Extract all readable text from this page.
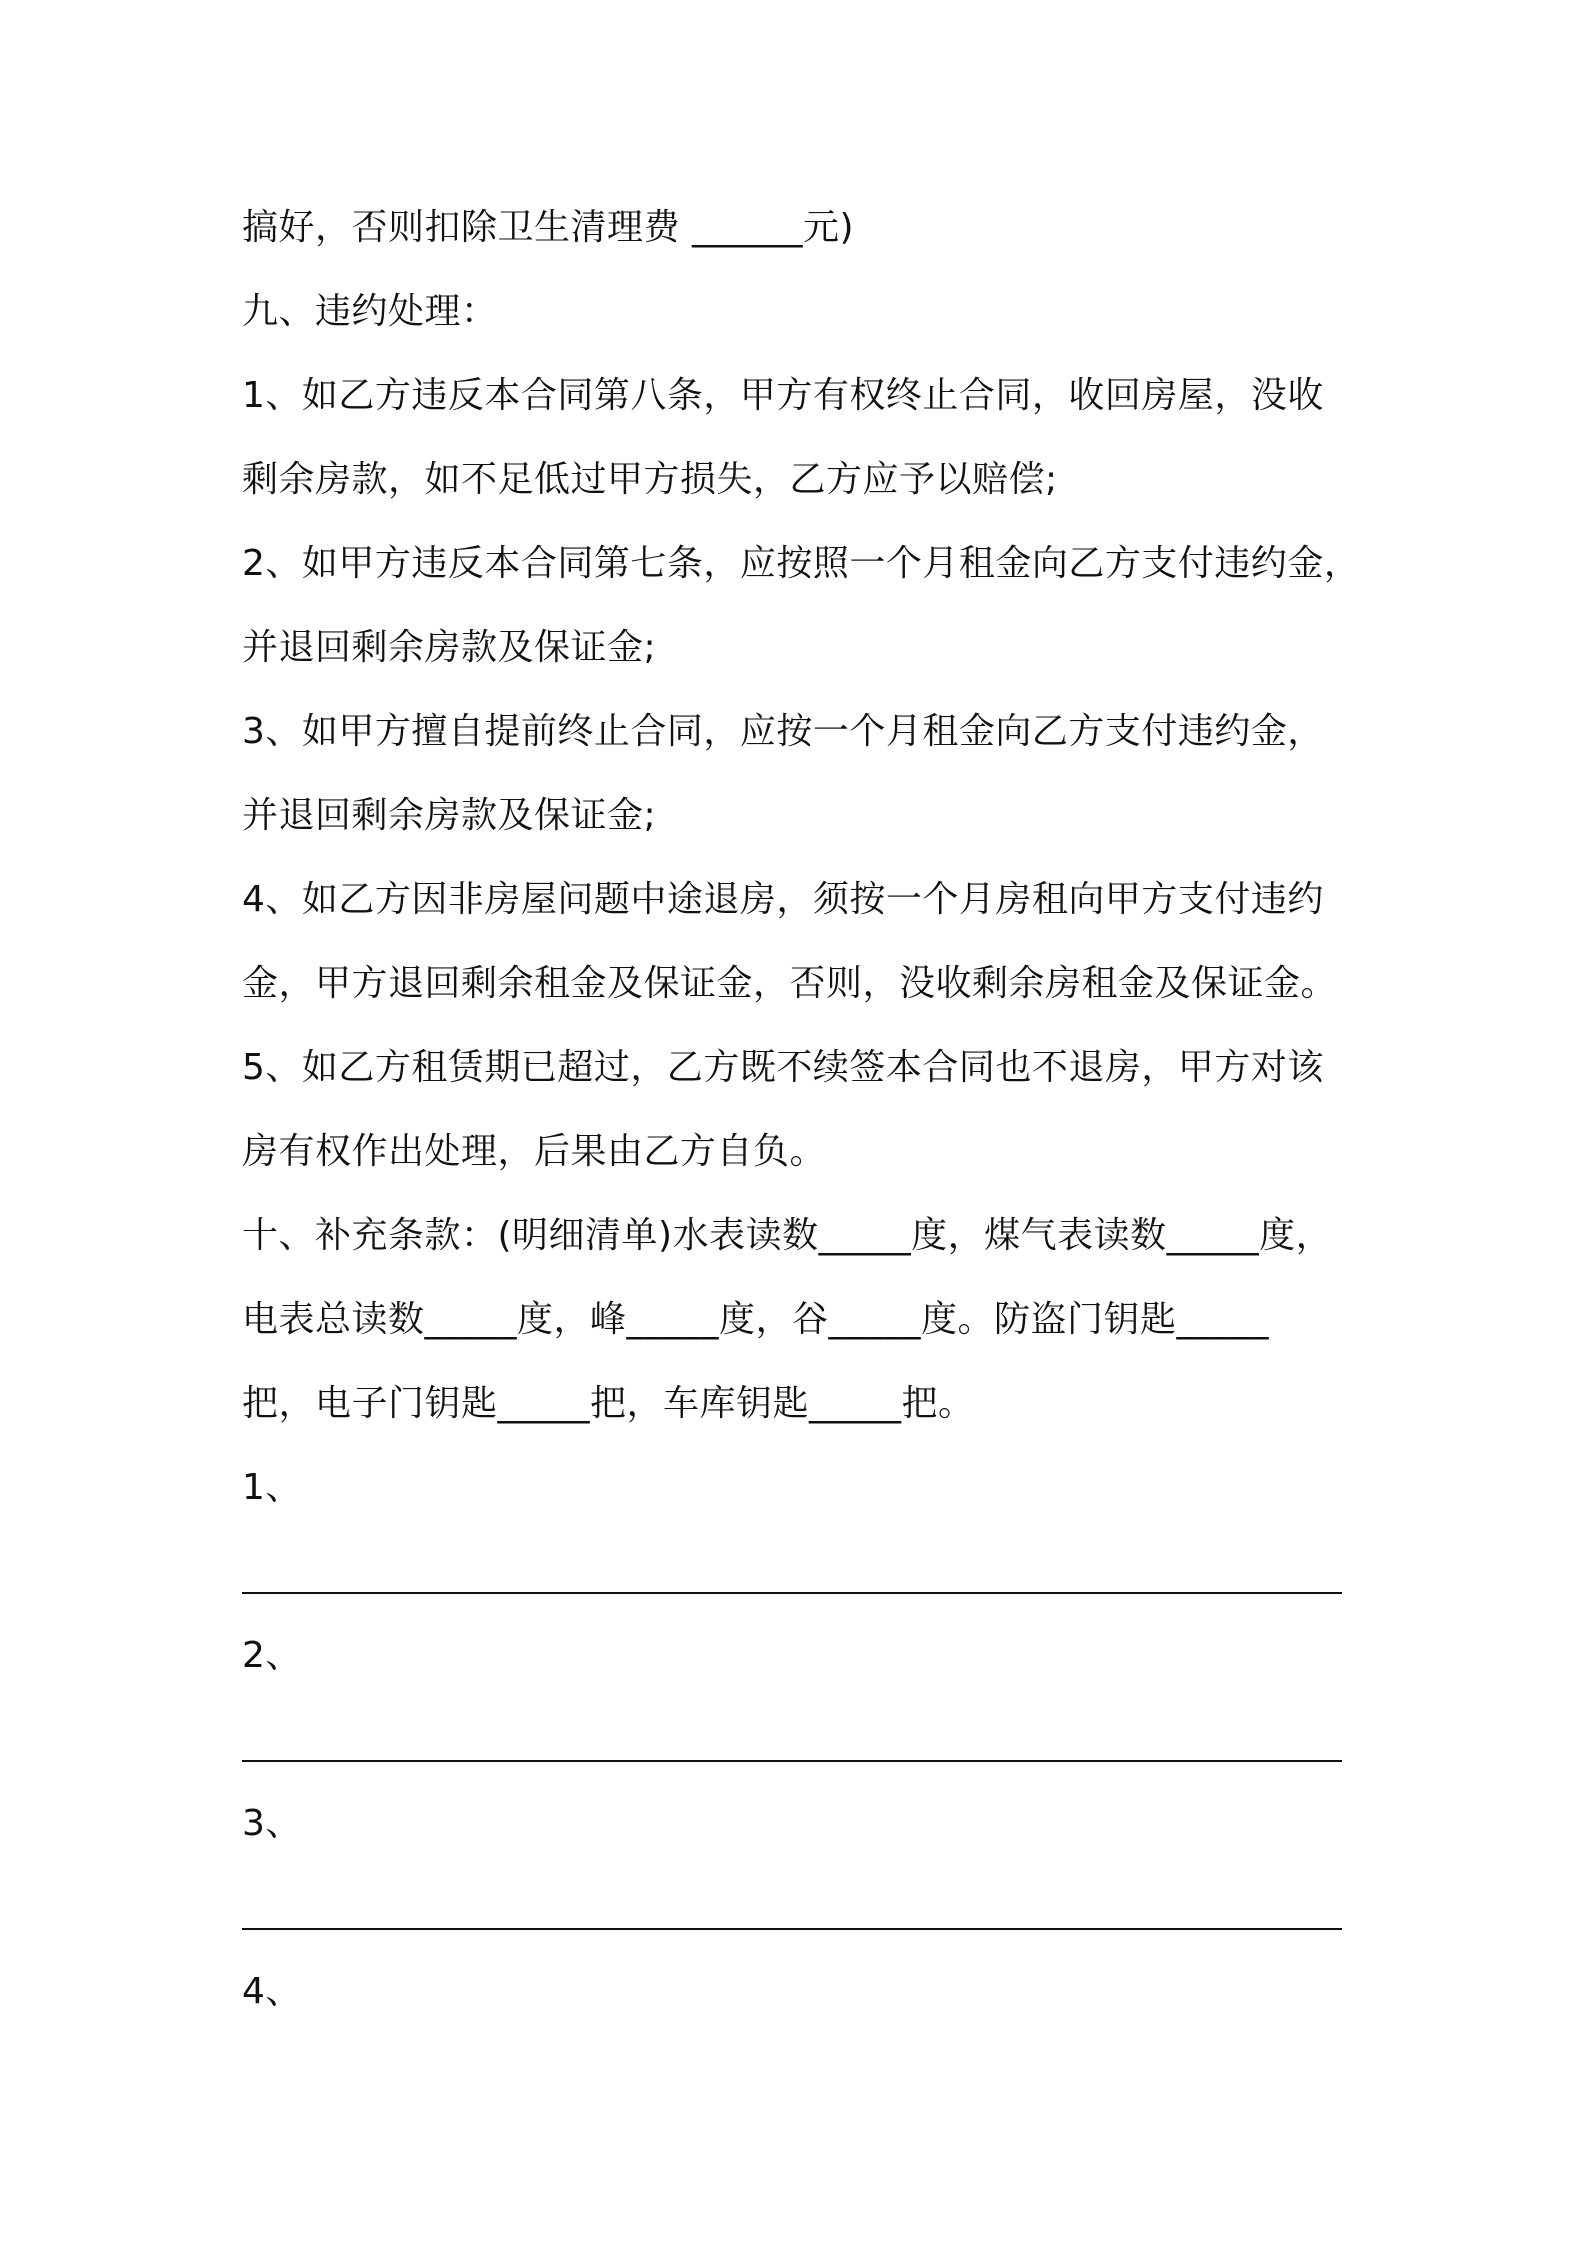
搞好，否则扣除卫生清理费 ______元)
九、违约处理：
1、如乙方违反本合同第八条，甲方有权终止合同，收回房屋，没收
剩余房款，如不足低过甲方损失，乙方应予以赔偿;
2、如甲方违反本合同第七条，应按照一个月租金向乙方支付违约金，
并退回剩余房款及保证金;
3、如甲方擅自提前终止合同，应按一个月租金向乙方支付违约金，
并退回剩余房款及保证金;
4、如乙方因非房屋问题中途退房，须按一个月房租向甲方支付违约
金，甲方退回剩余租金及保证金，否则，没收剩余房租金及保证金。
5、如乙方租赁期已超过，乙方既不续签本合同也不退房，甲方对该
房有权作出处理，后果由乙方自负。
十、补充条款：(明细清单)水表读数_____度，煤气表读数_____度，
电表总读数_____度，峰_____度，谷_____度。防盗门钥匙_____
把，电子门钥匙_____把，车库钥匙_____把。
1、
2、
3、
4、
